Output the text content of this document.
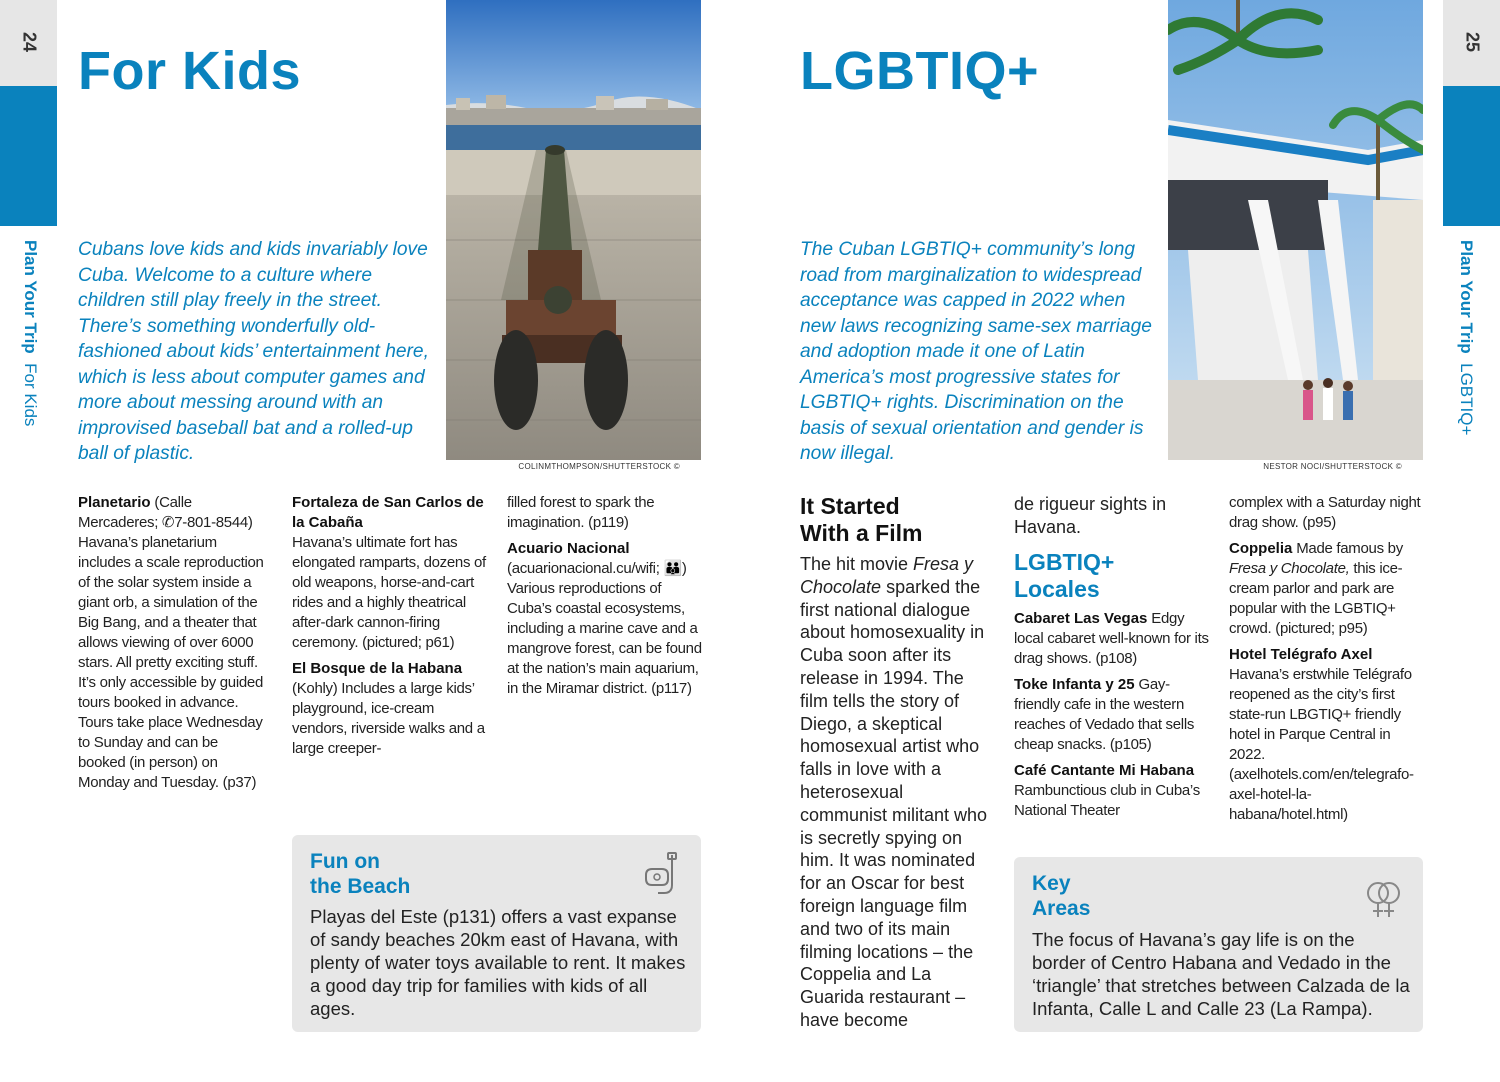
24
Plan Your Trip  For Kids
For Kids
Cubans love kids and kids invariably love Cuba. Welcome to a culture where children still play freely in the street. There’s something wonderfully old-fashioned about kids’ entertainment here, which is less about computer games and more about messing around with an improvised baseball bat and a rolled-up ball of plastic.
COLINMTHOMPSON/SHUTTERSTOCK ©

Planetario (Calle Mercaderes; ✆7-801-8544) Havana’s planetarium includes a scale reproduction of the solar system inside a giant orb, a simulation of the Big Bang, and a theater that allows viewing of over 6000 stars. All pretty exciting stuff. It’s only accessible by guided tours booked in advance. Tours take place Wednesday to Sunday and can be booked (in person) on Monday and Tuesday. (p37)

Fortaleza de San Carlos de la Cabaña
Havana’s ultimate fort has elongated ramparts, dozens of old weapons, horse-and-cart rides and a highly theatrical after-dark cannon-firing ceremony. (pictured; p61)

El Bosque de la Habana (Kohly) Includes a large kids’ playground, ice-cream vendors, riverside walks and a large creeper-

filled forest to spark the imagination. (p119)

Acuario Nacional
(acuarionacional.cu/wifi; 👪) Various reproductions of Cuba’s coastal ecosystems, including a marine cave and a mangrove forest, can be found at the nation’s main aquarium, in the Miramar district. (p117)

Fun on
the Beach
Playas del Este (p131) offers a vast expanse of sandy beaches 20km east of Havana, with plenty of water toys available to rent. It makes a good day trip for families with kids of all ages.
25
Plan Your Trip  LGBTIQ+
LGBTIQ+
The Cuban LGBTIQ+ community’s long road from marginalization to widespread acceptance was capped in 2022 when new laws recognizing same-sex marriage and adoption made it one of Latin America’s most progressive states for LGBTIQ+ rights. Discrimination on the basis of sexual orientation and gender is now illegal.
NESTOR NOCI/SHUTTERSTOCK ©
It Started
With a Film
The hit movie Fresa y Chocolate sparked the first national dialogue about homosexuality in Cuba soon after its release in 1994. The film tells the story of Diego, a skeptical homosexual artist who falls in love with a heterosexual communist militant who is secretly spying on him. It was nominated for an Oscar for best foreign language film and two of its main filming locations – the Coppelia and La Guarida restaurant – have become
de rigueur sights in Havana.
LGBTIQ+
Locales

Cabaret Las Vegas Edgy local cabaret well-known for its drag shows. (p108)

Toke Infanta y 25 Gay-friendly cafe in the western reaches of Vedado that sells cheap snacks. (p105)

Café Cantante Mi Habana
Rambunctious club in Cuba’s National Theater

complex with a Saturday night drag show. (p95)

Coppelia Made famous by Fresa y Chocolate, this ice-cream parlor and park are popular with the LGBTIQ+ crowd. (pictured; p95)

Hotel Telégrafo Axel
Havana’s erstwhile Telégrafo reopened as the city’s first state-run LBGTIQ+ friendly hotel in Parque Central in 2022. (axelhotels.com/en/telegrafo-axel-hotel-la-habana/hotel.html)

Key
Areas
The focus of Havana’s gay life is on the border of Centro Habana and Vedado in the ‘triangle’ that stretches between Calzada de la Infanta, Calle L and Calle 23 (La Rampa).
